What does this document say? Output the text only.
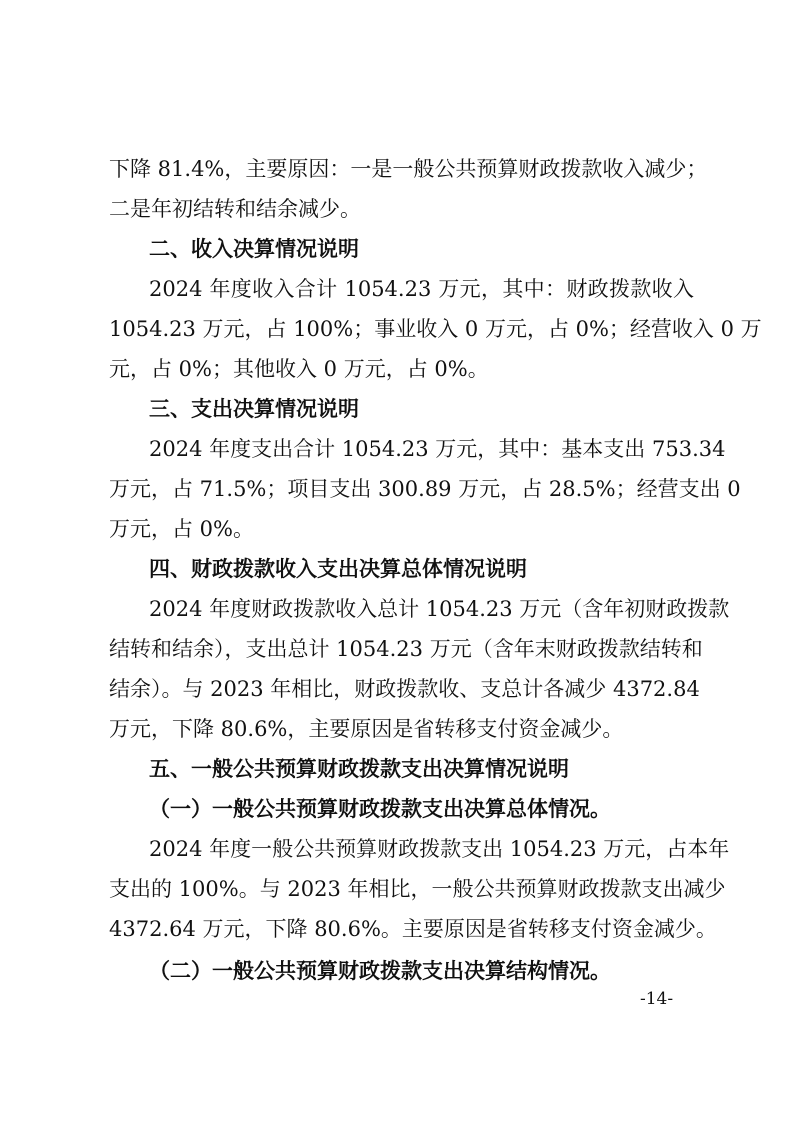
下降 81.4%，主要原因：一是一般公共预算财政拨款收入减少；
二是年初结转和结余减少。
二、收入决算情况说明
2024 年度收入合计 1054.23 万元，其中：财政拨款收入
1054.23 万元，占 100%；事业收入 0 万元，占 0%；经营收入 0 万
元，占 0%；其他收入 0 万元，占 0%。
三、支出决算情况说明
2024 年度支出合计 1054.23 万元，其中：基本支出 753.34
万元，占 71.5%；项目支出 300.89 万元，占 28.5%；经营支出 0
万元，占 0%。
四、财政拨款收入支出决算总体情况说明
2024 年度财政拨款收入总计 1054.23 万元（含年初财政拨款
结转和结余），支出总计 1054.23 万元（含年末财政拨款结转和
结余）。与 2023 年相比，财政拨款收、支总计各减少 4372.84
万元，下降 80.6%，主要原因是省转移支付资金减少。
五、一般公共预算财政拨款支出决算情况说明
（一）一般公共预算财政拨款支出决算总体情况。
2024 年度一般公共预算财政拨款支出 1054.23 万元，占本年
支出的 100%。与 2023 年相比，一般公共预算财政拨款支出减少
4372.64 万元，下降 80.6%。主要原因是省转移支付资金减少。
（二）一般公共预算财政拨款支出决算结构情况。
-14-
